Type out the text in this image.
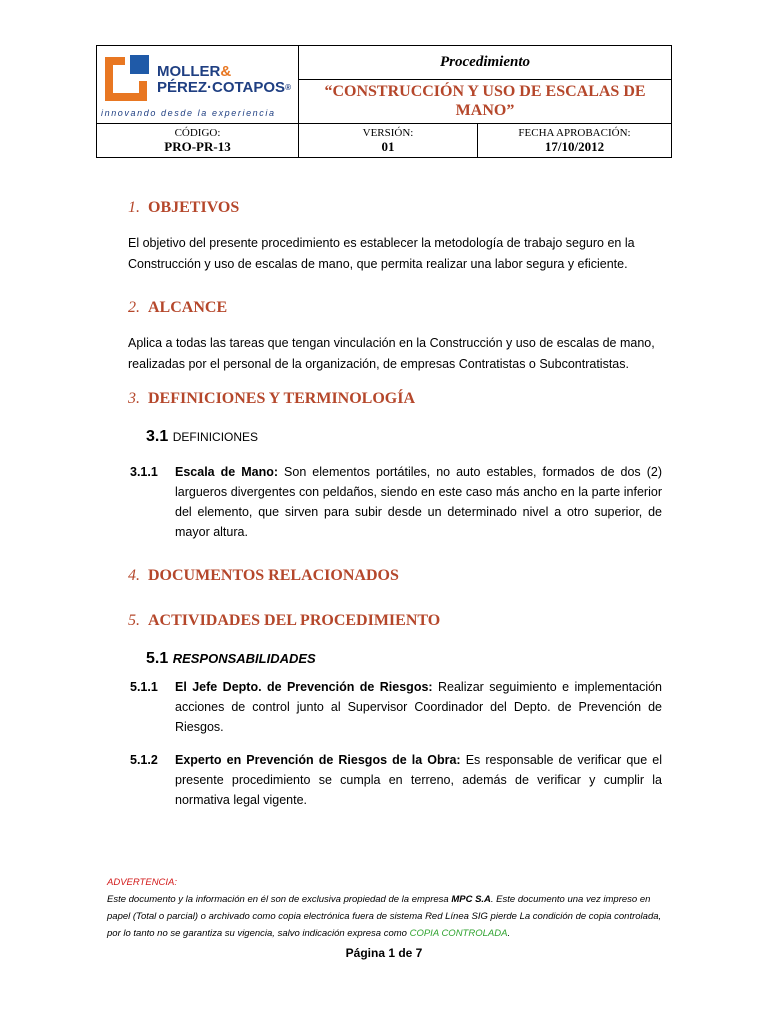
MOLLER&
PÉREZ·COTAPOS®
innovando desde la experiencia
Procedimiento
“CONSTRUCCIÓN Y USO DE ESCALAS DE MANO”
CÓDIGO:
PRO-PR-13
VERSIÓN:
01
FECHA APROBACIÓN:
17/10/2012
1. OBJETIVOS
El objetivo del presente procedimiento es establecer la metodología de trabajo seguro en la Construcción y uso de escalas de mano, que permita realizar una labor segura y eficiente.
2. ALCANCE
Aplica a todas las tareas que tengan vinculación en la Construcción y uso de escalas de mano, realizadas por el personal de la organización, de empresas Contratistas o Subcontratistas.
3. DEFINICIONES Y TERMINOLOGÍA
3.1 DEFINICIONES
3.1.1 Escala de Mano: Son elementos portátiles, no auto estables, formados de dos (2) largueros divergentes con peldaños, siendo en este caso más ancho en la parte inferior del elemento, que sirven para subir desde un determinado nivel a otro superior, de mayor altura.
4. DOCUMENTOS RELACIONADOS
5. ACTIVIDADES DEL PROCEDIMIENTO
5.1 RESPONSABILIDADES
5.1.1 El Jefe Depto. de Prevención de Riesgos: Realizar seguimiento e implementación acciones de control junto al Supervisor Coordinador del Depto. de Prevención de Riesgos.
5.1.2 Experto en Prevención de Riesgos de la Obra: Es responsable de verificar que el presente procedimiento se cumpla en terreno, además de verificar y cumplir la normativa legal vigente.
ADVERTENCIA:
Este documento y la información en él son de exclusiva propiedad de la empresa MPC S.A. Este documento una vez impreso en papel (Total o parcial) o archivado como copia electrónica fuera de sistema Red Línea SIG pierde La condición de copia controlada, por lo tanto no se garantiza su vigencia, salvo indicación expresa como COPIA CONTROLADA.
Página 1 de 7
